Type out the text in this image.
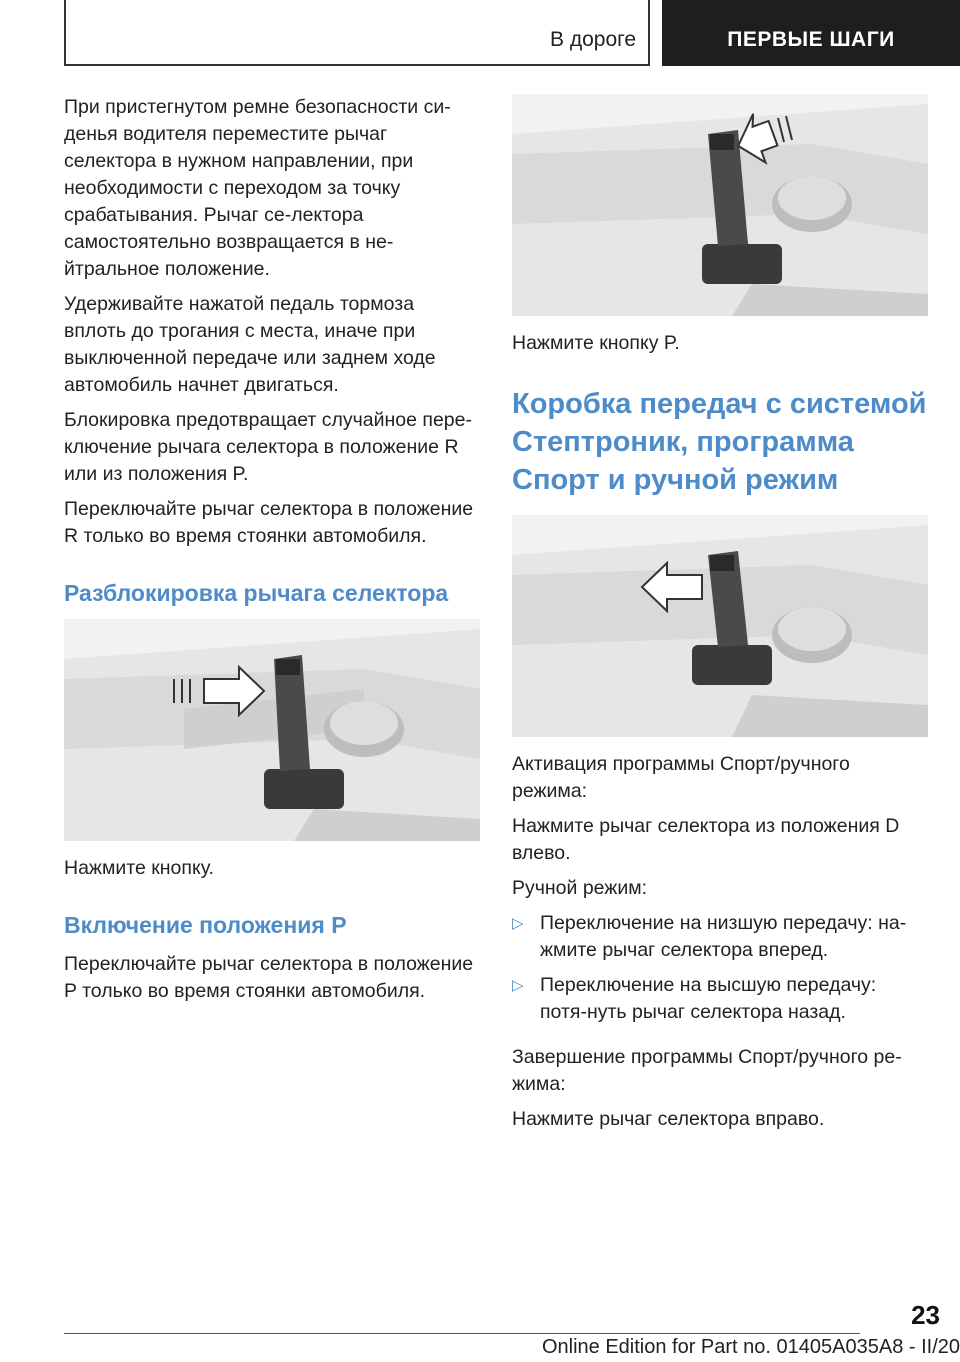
В дороге	ПЕРВЫЕ ШАГИ

При пристегнутом ремне безопасности си-денья водителя переместите рычаг селектора в нужном направлении, при необходимости с переходом за точку срабатывания. Рычаг се-лектора самостоятельно возвращается в не-йтральное положение.

Удерживайте нажатой педаль тормоза вплоть до трогания с места, иначе при выключенной передаче или заднем ходе автомобиль начнет двигаться.

Блокировка предотвращает случайное пере-ключение рычага селектора в положение R или из положения P.

Переключайте рычаг селектора в положение R только во время стоянки автомобиля.

Разблокировка рычага селектора

Нажмите кнопку.

Включение положения P

Переключайте рычаг селектора в положение P только во время стоянки автомобиля.

Нажмите кнопку P.

Коробка передач с системой Стептроник, программа Спорт и ручной режим

Активация программы Спорт/ручного режима:

Нажмите рычаг селектора из положения D влево.

Ручной режим:

▷ Переключение на низшую передачу: на-жмите рычаг селектора вперед.
▷ Переключение на высшую передачу: потя-нуть рычаг селектора назад.

Завершение программы Спорт/ручного ре-жима:

Нажмите рычаг селектора вправо.

23
Online Edition for Part no. 01405A035A8 - II/20
